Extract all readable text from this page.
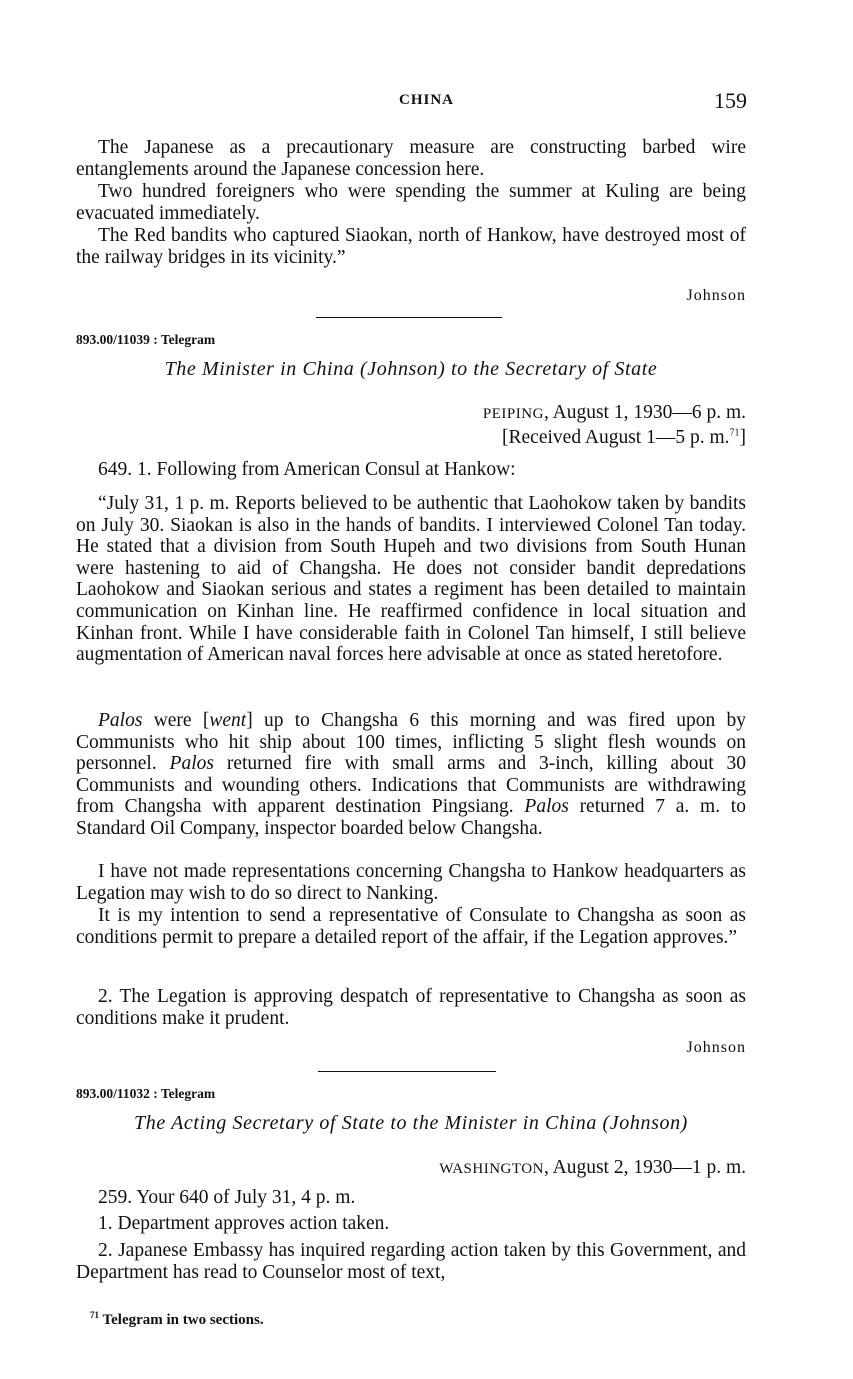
CHINA	159

The Japanese as a precautionary measure are constructing barbed wire entanglements around the Japanese concession here.

Two hundred foreigners who were spending the summer at Kuling are being evacuated immediately.

The Red bandits who captured Siaokan, north of Hankow, have destroyed most of the railway bridges in its vicinity.”

Johnson
893.00/11039 : Telegram
The Minister in China (Johnson) to the Secretary of State
PEIPING, August 1, 1930—6 p. m.
[Received August 1—5 p. m.$^{71}$]
649. 1. Following from American Consul at Hankow:

“July 31, 1 p. m. Reports believed to be authentic that Laohokow taken by bandits on July 30. Siaokan is also in the hands of bandits. I interviewed Colonel Tan today. He stated that a division from South Hupeh and two divisions from South Hunan were hastening to aid of Changsha. He does not consider bandit depredations Laohokow and Siaokan serious and states a regiment has been detailed to maintain communication on Kinhan line. He reaffirmed confidence in local situation and Kinhan front. While I have considerable faith in Colonel Tan himself, I still believe augmentation of American naval forces here advisable at once as stated heretofore.

Palos were [went] up to Changsha 6 this morning and was fired upon by Communists who hit ship about 100 times, inflicting 5 slight flesh wounds on personnel. Palos returned fire with small arms and 3-inch, killing about 30 Communists and wounding others. Indications that Communists are withdrawing from Changsha with apparent destination Pingsiang. Palos returned 7 a. m. to Standard Oil Company, inspector boarded below Changsha.

I have not made representations concerning Changsha to Hankow headquarters as Legation may wish to do so direct to Nanking.

It is my intention to send a representative of Consulate to Changsha as soon as conditions permit to prepare a detailed report of the affair, if the Legation approves.”

2. The Legation is approving despatch of representative to Changsha as soon as conditions make it prudent.

Johnson
893.00/11032 : Telegram
The Acting Secretary of State to the Minister in China (Johnson)
WASHINGTON, August 2, 1930—1 p. m.
259. Your 640 of July 31, 4 p. m.
1. Department approves action taken.

2. Japanese Embassy has inquired regarding action taken by this Government, and Department has read to Counselor most of text,

$^{71}$ Telegram in two sections.
